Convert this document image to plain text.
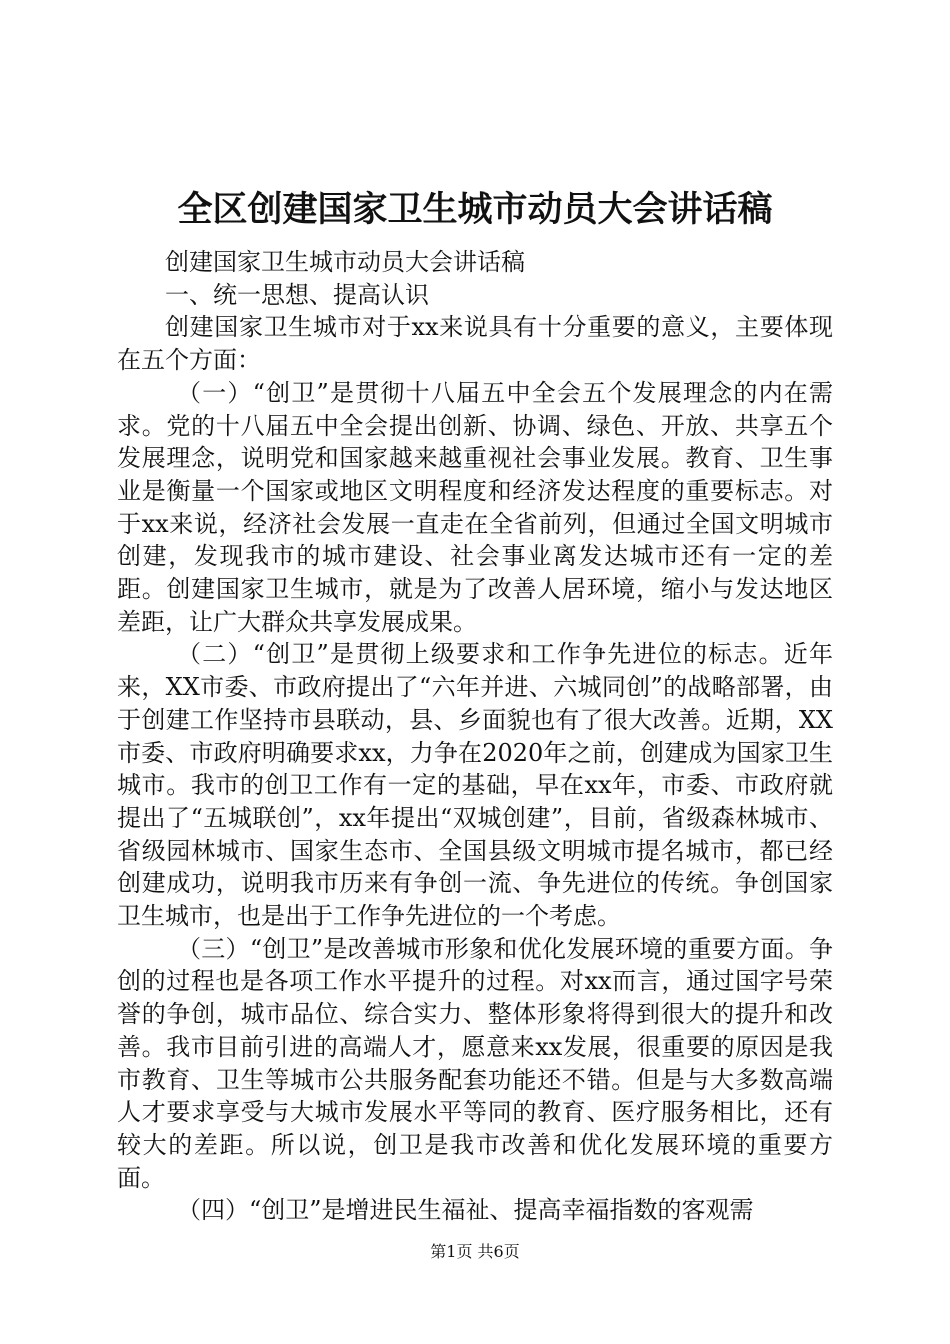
全区创建国家卫生城市动员大会讲话稿

创建国家卫生城市动员大会讲话稿

一、统一思想、提高认识

创建国家卫生城市对于xx来说具有十分重要的意义，主要体现在五个方面：

（一）“创卫”是贯彻十八届五中全会五个发展理念的内在需求。党的十八届五中全会提出创新、协调、绿色、开放、共享五个发展理念，说明党和国家越来越重视社会事业发展。教育、卫生事业是衡量一个国家或地区文明程度和经济发达程度的重要标志。对于xx来说，经济社会发展一直走在全省前列，但通过全国文明城市创建，发现我市的城市建设、社会事业离发达城市还有一定的差距。创建国家卫生城市，就是为了改善人居环境，缩小与发达地区差距，让广大群众共享发展成果。

（二）“创卫”是贯彻上级要求和工作争先进位的标志。近年来，XX市委、市政府提出了“六年并进、六城同创”的战略部署，由于创建工作坚持市县联动，县、乡面貌也有了很大改善。近期，XX市委、市政府明确要求xx，力争在2020年之前，创建成为国家卫生城市。我市的创卫工作有一定的基础，早在xx年，市委、市政府就提出了“五城联创”，xx年提出“双城创建”，目前，省级森林城市、省级园林城市、国家生态市、全国县级文明城市提名城市，都已经创建成功，说明我市历来有争创一流、争先进位的传统。争创国家卫生城市，也是出于工作争先进位的一个考虑。

（三）“创卫”是改善城市形象和优化发展环境的重要方面。争创的过程也是各项工作水平提升的过程。对xx而言，通过国字号荣誉的争创，城市品位、综合实力、整体形象将得到很大的提升和改善。我市目前引进的高端人才，愿意来xx发展，很重要的原因是我市教育、卫生等城市公共服务配套功能还不错。但是与大多数高端人才要求享受与大城市发展水平等同的教育、医疗服务相比，还有较大的差距。所以说，创卫是我市改善和优化发展环境的重要方面。

（四）“创卫”是增进民生福祉、提高幸福指数的客观需

第1页 共6页
